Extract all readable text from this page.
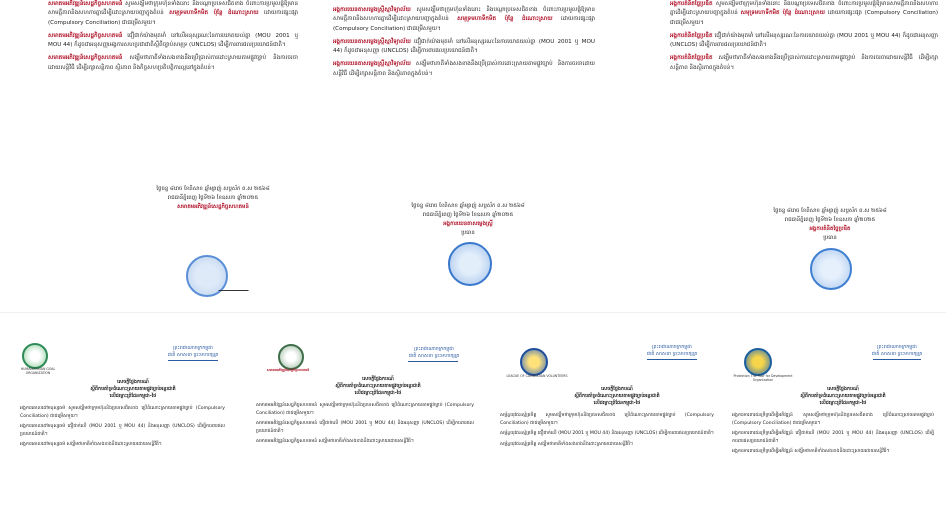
សមាគមអភិវឌ្ឍន៍សេដ្ឋកិច្ចសហគមន៍ សូមសង្ឃឹមថាក្រុមហ៊ុនទាំងនោះ និងបណ្តាប្រទេសជិតខាង ចំពោះការប្រមូលផ្តុំឱ្យមានសាមគ្គីភាពនិងសហការគ្នាដើម្បីដោះស្រាយបញ្ហាក្នុងតំបន់ សមុទ្រមហាទឹកមិត ប៉ុន្តែ ដំណោះស្រាយ ដោយការផ្សះផ្សា (Compulsory Conciliation) ជាជម្រើសមួយ។

សមាគមអភិវឌ្ឍន៍សេដ្ឋកិច្ចសហគមន៍ ជឿជាក់យ៉ាងមុតមាំ នៅលើអនុស្សរណៈនៃការយោគយល់គ្នា (MOU 2001 ឬ MOU 44) ក៏ដូចជាអនុសញ្ញាអង្គការសហប្រជាជាតិស្តីពីច្បាប់សមុទ្រ (UNCLOS) ដើម្បីការពារផលប្រយោជន៍ជាតិ។

សមាគមអភិវឌ្ឍន៍សេដ្ឋកិច្ចសហគមន៍ សង្ឃឹមថាភាគីទាំងសងខាងនឹងប្រើប្រាស់ការដោះស្រាយតាមផ្លូវច្បាប់ និងការចរចាដោយសន្តិវិធី ដើម្បីរក្សាសន្តិភាព ស្ថិរភាព និងកិច្ចសហប្រតិបត្តិការល្អនៅក្នុងតំបន់។

ថ្ងៃចន្ទ ៨រោច ខែពិសាខ ឆ្នាំម្សាញ់ សប្តស័ក ព.ស ២៥៦៨
រាជធានីភ្នំពេញ ថ្ងៃទី២៦ ខែឧសភា ឆ្នាំ២០២៥
សមាគមអភិវឌ្ឍន៍សេដ្ឋកិច្ចសហគមន៍

អង្គការយេនតាសម្លេងស្ត្រីស្មាវិទ្យាល័យ សូមសង្ឃឹមថាក្រុមហ៊ុនទាំងនោះ និងបណ្តាប្រទេសជិតខាង ចំពោះការប្រមូលផ្តុំឱ្យមានសាមគ្គីភាពនិងសហការគ្នាដើម្បីដោះស្រាយបញ្ហាក្នុងតំបន់ សមុទ្រមហាទឹកមិត ប៉ុន្តែ ដំណោះស្រាយ ដោយការផ្សះផ្សា (Compulsory Conciliation) ជាជម្រើសមួយ។

អង្គការយេនតាសម្លេងស្ត្រីស្មាវិទ្យាល័យ ជឿជាក់យ៉ាងមុតមាំ នៅលើអនុស្សរណៈនៃការយោគយល់គ្នា (MOU 2001 ឬ MOU 44) ក៏ដូចជាអនុសញ្ញា (UNCLOS) ដើម្បីការពារផលប្រយោជន៍ជាតិ។

អង្គការយេនតាសម្លេងស្ត្រីស្មាវិទ្យាល័យ សង្ឃឹមថាភាគីទាំងសងខាងនឹងប្រើប្រាស់ការដោះស្រាយតាមផ្លូវច្បាប់ និងការចរចាដោយសន្តិវិធី ដើម្បីរក្សាសន្តិភាព និងស្ថិរភាពក្នុងតំបន់។

ថ្ងៃចន្ទ ៨រោច ខែពិសាខ ឆ្នាំម្សាញ់ សប្តស័ក ព.ស ២៥៦៨
រាជធានីភ្នំពេញ ថ្ងៃទី២៦ ខែឧសភា ឆ្នាំ២០២៥
អង្គការយេនតាសម្លេងស្ត្រី
ប្រធាន

អង្គការគំនិតច្នៃប្រឌិត សូមសង្ឃឹមថាក្រុមហ៊ុនទាំងនោះ និងបណ្តាប្រទេសជិតខាង ចំពោះការប្រមូលផ្តុំឱ្យមានសាមគ្គីភាពនិងសហការគ្នាដើម្បីដោះស្រាយបញ្ហាក្នុងតំបន់ សមុទ្រមហាទឹកមិត ប៉ុន្តែ ដំណោះស្រាយ ដោយការផ្សះផ្សា (Compulsory Conciliation) ជាជម្រើសមួយ។

អង្គការគំនិតច្នៃប្រឌិត ជឿជាក់យ៉ាងមុតមាំ នៅលើអនុស្សរណៈនៃការយោគយល់គ្នា (MOU 2001 ឬ MOU 44) ក៏ដូចជាអនុសញ្ញា (UNCLOS) ដើម្បីការពារផលប្រយោជន៍ជាតិ។

អង្គការគំនិតច្នៃប្រឌិត សង្ឃឹមថាភាគីទាំងសងខាងនឹងប្រើប្រាស់ការដោះស្រាយតាមផ្លូវច្បាប់ និងការចរចាដោយសន្តិវិធី ដើម្បីរក្សាសន្តិភាព និងស្ថិរភាពក្នុងតំបន់។

ថ្ងៃចន្ទ ៨រោច ខែពិសាខ ឆ្នាំម្សាញ់ សប្តស័ក ព.ស ២៥៦៨
រាជធានីភ្នំពេញ ថ្ងៃទី២៦ ខែឧសភា ឆ្នាំ២០២៥
អង្គការគំនិតច្នៃប្រឌិត
ប្រធាន
HUMANITARIAN GOAL ORGANIZATION
ព្រះរាជាណាចក្រកម្ពុជា
ជាតិ សាសនា ព្រះមហាក្សត្រ
សេចក្តីថ្លែងការណ៍
ស្តីពីការគាំទ្រដំណោះស្រាយតាមផ្លូវច្បាប់អន្តរជាតិ
លើជម្លោះព្រំដែនកម្ពុជា-ថៃ

អង្គការគោលដៅមនុស្សធម៌ សូមសង្ឃឹមថាក្រុមហ៊ុននិងប្រទេសជិតខាង ប្រើដំណោះស្រាយតាមផ្លូវច្បាប់ (Compulsory Conciliation) ជាជម្រើសមួយ។

អង្គការគោលដៅមនុស្សធម៌ ជឿជាក់លើ (MOU 2001 ឬ MOU 44) និងអនុសញ្ញា (UNCLOS) ដើម្បីការពារផលប្រយោជន៍ជាតិ។

អង្គការគោលដៅមនុស្សធម៌ សង្ឃឹមថាភាគីទាំងសងខាងនឹងដោះស្រាយដោយសន្តិវិធី។

សមាគមអភិវឌ្ឍន៍សេដ្ឋកិច្ចសហគមន៍
ព្រះរាជាណាចក្រកម្ពុជា
ជាតិ សាសនា ព្រះមហាក្សត្រ
សេចក្តីថ្លែងការណ៍
ស្តីពីការគាំទ្រដំណោះស្រាយតាមផ្លូវច្បាប់អន្តរជាតិ
លើជម្លោះព្រំដែនកម្ពុជា-ថៃ

សមាគមអភិវឌ្ឍន៍សេដ្ឋកិច្ចសហគមន៍ សូមសង្ឃឹមថាក្រុមហ៊ុននិងប្រទេសជិតខាង ប្រើដំណោះស្រាយតាមផ្លូវច្បាប់ (Compulsory Conciliation) ជាជម្រើសមួយ។

សមាគមអភិវឌ្ឍន៍សេដ្ឋកិច្ចសហគមន៍ ជឿជាក់លើ (MOU 2001 ឬ MOU 44) និងអនុសញ្ញា (UNCLOS) ដើម្បីការពារផលប្រយោជន៍ជាតិ។

សមាគមអភិវឌ្ឍន៍សេដ្ឋកិច្ចសហគមន៍ សង្ឃឹមថាភាគីទាំងសងខាងនឹងដោះស្រាយដោយសន្តិវិធី។

LEAGUE OF CAMBODIAN VOLUNTEERS
ព្រះរាជាណាចក្រកម្ពុជា
ជាតិ សាសនា ព្រះមហាក្សត្រ
សេចក្តីថ្លែងការណ៍
ស្តីពីការគាំទ្រដំណោះស្រាយតាមផ្លូវច្បាប់អន្តរជាតិ
លើជម្លោះព្រំដែនកម្ពុជា-ថៃ

សម្ព័ន្ធយុវជនស្ម័គ្រចិត្ត សូមសង្ឃឹមថាក្រុមហ៊ុននិងប្រទេសជិតខាង ប្រើដំណោះស្រាយតាមផ្លូវច្បាប់ (Compulsory Conciliation) ជាជម្រើសមួយ។

សម្ព័ន្ធយុវជនស្ម័គ្រចិត្ត ជឿជាក់លើ (MOU 2001 ឬ MOU 44) និងអនុសញ្ញា (UNCLOS) ដើម្បីការពារផលប្រយោជន៍ជាតិ។

សម្ព័ន្ធយុវជនស្ម័គ្រចិត្ត សង្ឃឹមថាភាគីទាំងសងខាងនឹងដោះស្រាយដោយសន្តិវិធី។

Protection The Poor for Development Organization
ព្រះរាជាណាចក្រកម្ពុជា
ជាតិ សាសនា ព្រះមហាក្សត្រ
សេចក្តីថ្លែងការណ៍
ស្តីពីការគាំទ្រដំណោះស្រាយតាមផ្លូវច្បាប់អន្តរជាតិ
លើជម្លោះព្រំដែនកម្ពុជា-ថៃ

អង្គការការពារជនក្រីក្រដើម្បីអភិវឌ្ឍន៍ សូមសង្ឃឹមថាក្រុមហ៊ុននិងប្រទេសជិតខាង ប្រើដំណោះស្រាយតាមផ្លូវច្បាប់ (Compulsory Conciliation) ជាជម្រើសមួយ។

អង្គការការពារជនក្រីក្រដើម្បីអភិវឌ្ឍន៍ ជឿជាក់លើ (MOU 2001 ឬ MOU 44) និងអនុសញ្ញា (UNCLOS) ដើម្បីការពារផលប្រយោជន៍ជាតិ។

អង្គការការពារជនក្រីក្រដើម្បីអភិវឌ្ឍន៍ សង្ឃឹមថាភាគីទាំងសងខាងនឹងដោះស្រាយដោយសន្តិវិធី។
